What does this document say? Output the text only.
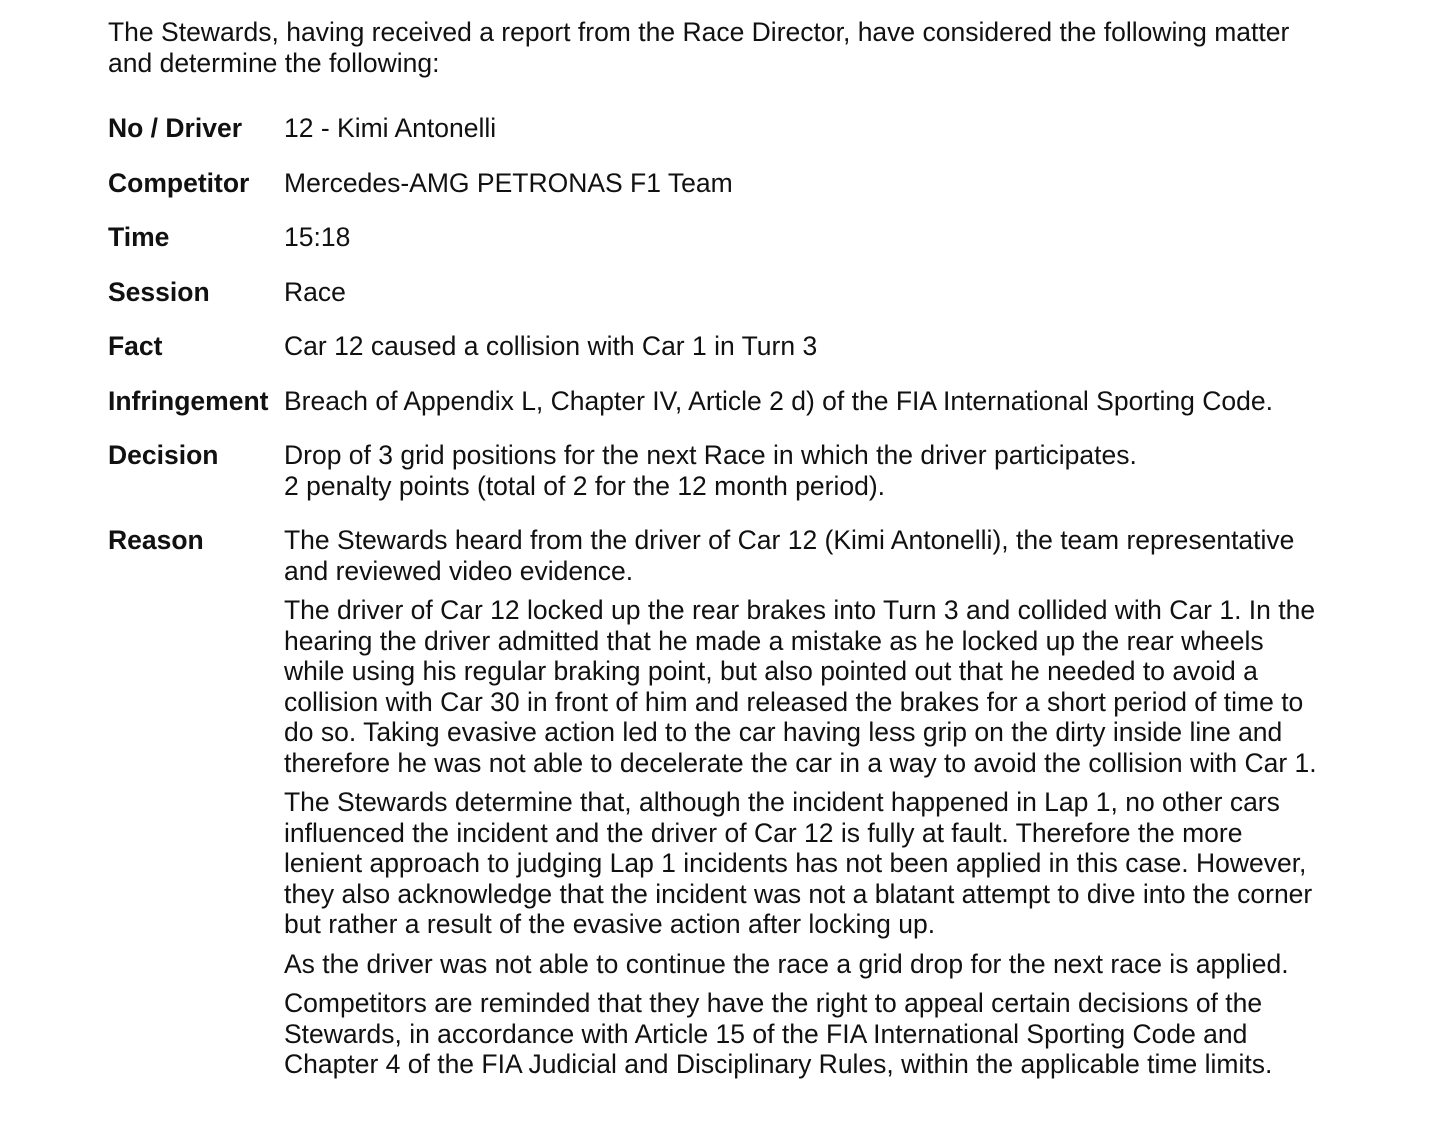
The Stewards, having received a report from the Race Director, have considered the following matter and determine the following:

No / Driver	12 - Kimi Antonelli
Competitor	Mercedes-AMG PETRONAS F1 Team
Time	15:18
Session	Race
Fact	Car 12 caused a collision with Car 1 in Turn 3
Infringement Breach of Appendix L, Chapter IV, Article 2 d) of the FIA International Sporting Code.
Decision	Drop of 3 grid positions for the next Race in which the driver participates.
2 penalty points (total of 2 for the 12 month period).
Reason	The Stewards heard from the driver of Car 12 (Kimi Antonelli), the team representative and reviewed video evidence.

The driver of Car 12 locked up the rear brakes into Turn 3 and collided with Car 1. In the hearing the driver admitted that he made a mistake as he locked up the rear wheels while using his regular braking point, but also pointed out that he needed to avoid a collision with Car 30 in front of him and released the brakes for a short period of time to do so. Taking evasive action led to the car having less grip on the dirty inside line and therefore he was not able to decelerate the car in a way to avoid the collision with Car 1.

The Stewards determine that, although the incident happened in Lap 1, no other cars influenced the incident and the driver of Car 12 is fully at fault. Therefore the more lenient approach to judging Lap 1 incidents has not been applied in this case. However, they also acknowledge that the incident was not a blatant attempt to dive into the corner but rather a result of the evasive action after locking up.

As the driver was not able to continue the race a grid drop for the next race is applied.

Competitors are reminded that they have the right to appeal certain decisions of the Stewards, in accordance with Article 15 of the FIA International Sporting Code and Chapter 4 of the FIA Judicial and Disciplinary Rules, within the applicable time limits.
